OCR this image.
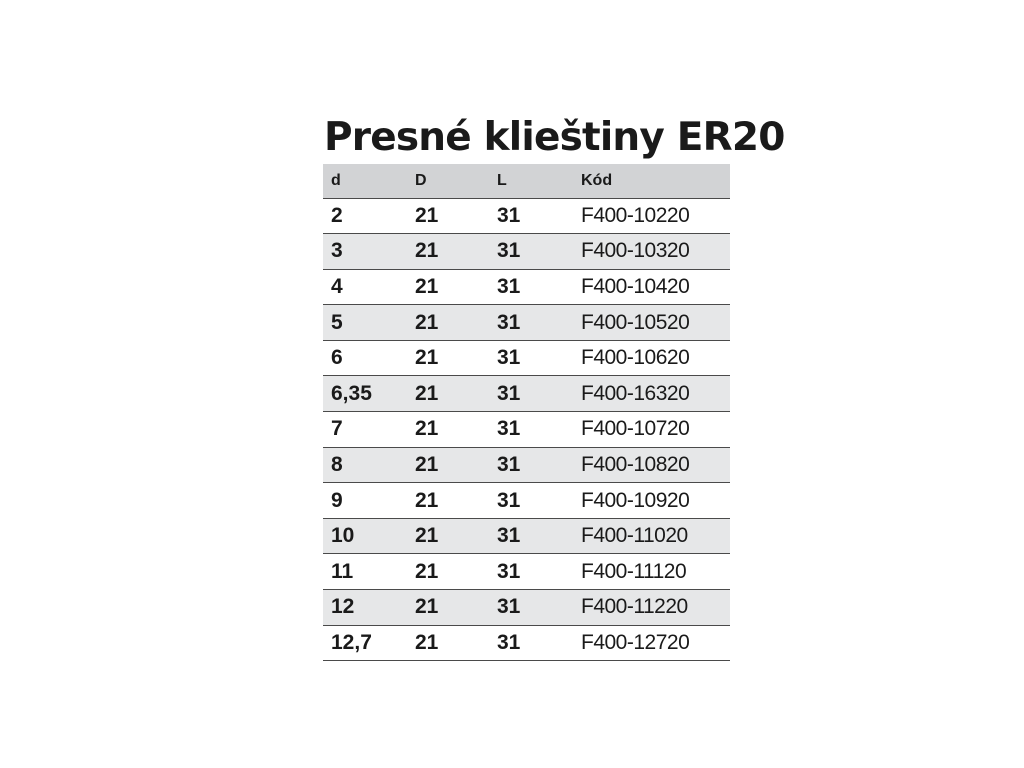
Presné klieštiny ER20
d	D	L	Kód
2	21	31	F400-10220
3	21	31	F400-10320
4	21	31	F400-10420
5	21	31	F400-10520
6	21	31	F400-10620
6,35	21	31	F400-16320
7	21	31	F400-10720
8	21	31	F400-10820
9	21	31	F400-10920
10	21	31	F400-11020
11	21	31	F400-11120
12	21	31	F400-11220
12,7	21	31	F400-12720
